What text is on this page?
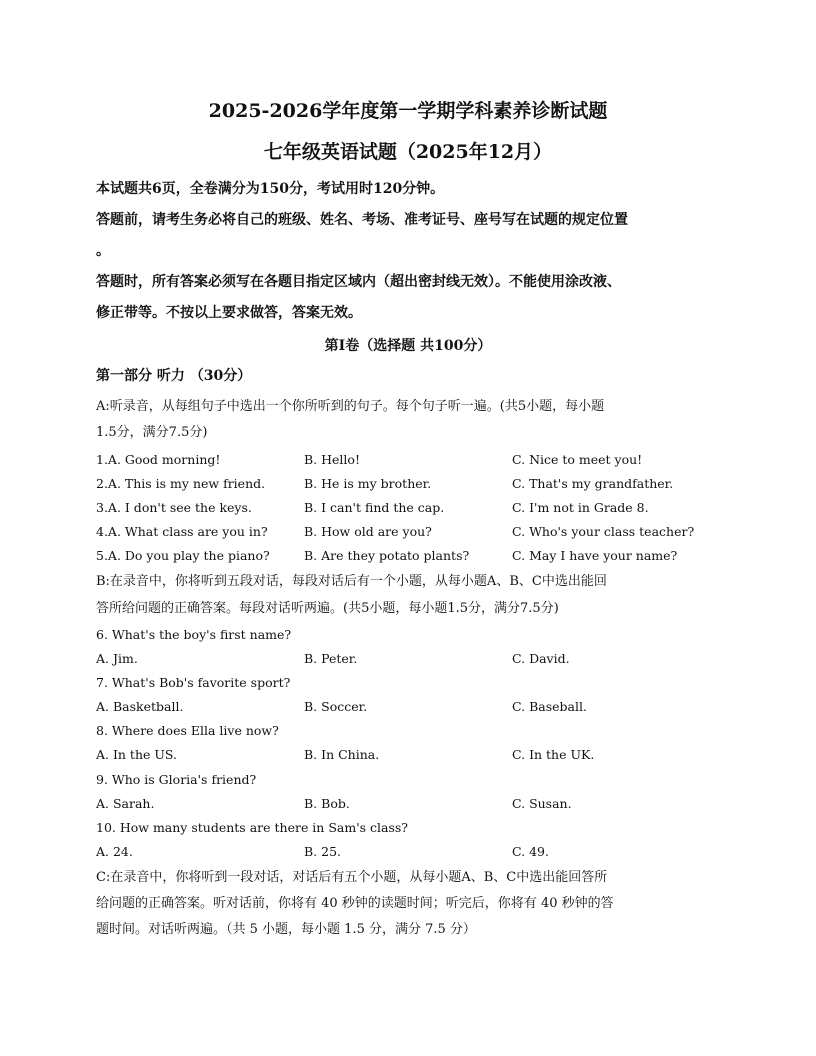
2025-2026学年度第一学期学科素养诊断试题
七年级英语试题（2025年12月）
本试题共6页，全卷满分为150分，考试用时120分钟。
答题前，请考生务必将自己的班级、姓名、考场、准考证号、座号写在试题的规定位置
。
答题时，所有答案必须写在各题目指定区域内（超出密封线无效）。不能使用涂改液、
修正带等。不按以上要求做答，答案无效。
第Ⅰ卷（选择题 共100分）
第一部分 听力 （30分）
A:听录音，从每组句子中选出一个你所听到的句子。每个句子听一遍。(共5小题，每小题
1.5分，满分7.5分)
1.A. Good morning!	B. Hello!	C. Nice to meet you!
2.A. This is my new friend.	B. He is my brother.	C. That's my grandfather.
3.A. I don't see the keys.	B. I can't find the cap.	C. I'm not in Grade 8.
4.A. What class are you in?	B. How old are you?	C. Who's your class teacher?
5.A. Do you play the piano?	B. Are they potato plants?	C. May I have your name?
B:在录音中，你将听到五段对话，每段对话后有一个小题，从每小题A、B、C中选出能回
答所给问题的正确答案。每段对话听两遍。(共5小题，每小题1.5分，满分7.5分)
6. What's the boy's first name?
A. Jim.	B. Peter.	C. David.
7. What's Bob's favorite sport?
A. Basketball.	B. Soccer.	C. Baseball.
8. Where does Ella live now?
A. In the US.	B. In China.	C. In the UK.
9. Who is Gloria's friend?
A. Sarah.	B. Bob.	C. Susan.
10. How many students are there in Sam's class?
A. 24.	B. 25.	C. 49.
C:在录音中，你将听到一段对话，对话后有五个小题，从每小题A、B、C中选出能回答所
给问题的正确答案。听对话前，你将有 40 秒钟的读题时间；听完后，你将有 40 秒钟的答
题时间。对话听两遍。（共 5 小题，每小题 1.5 分，满分 7.5 分）
